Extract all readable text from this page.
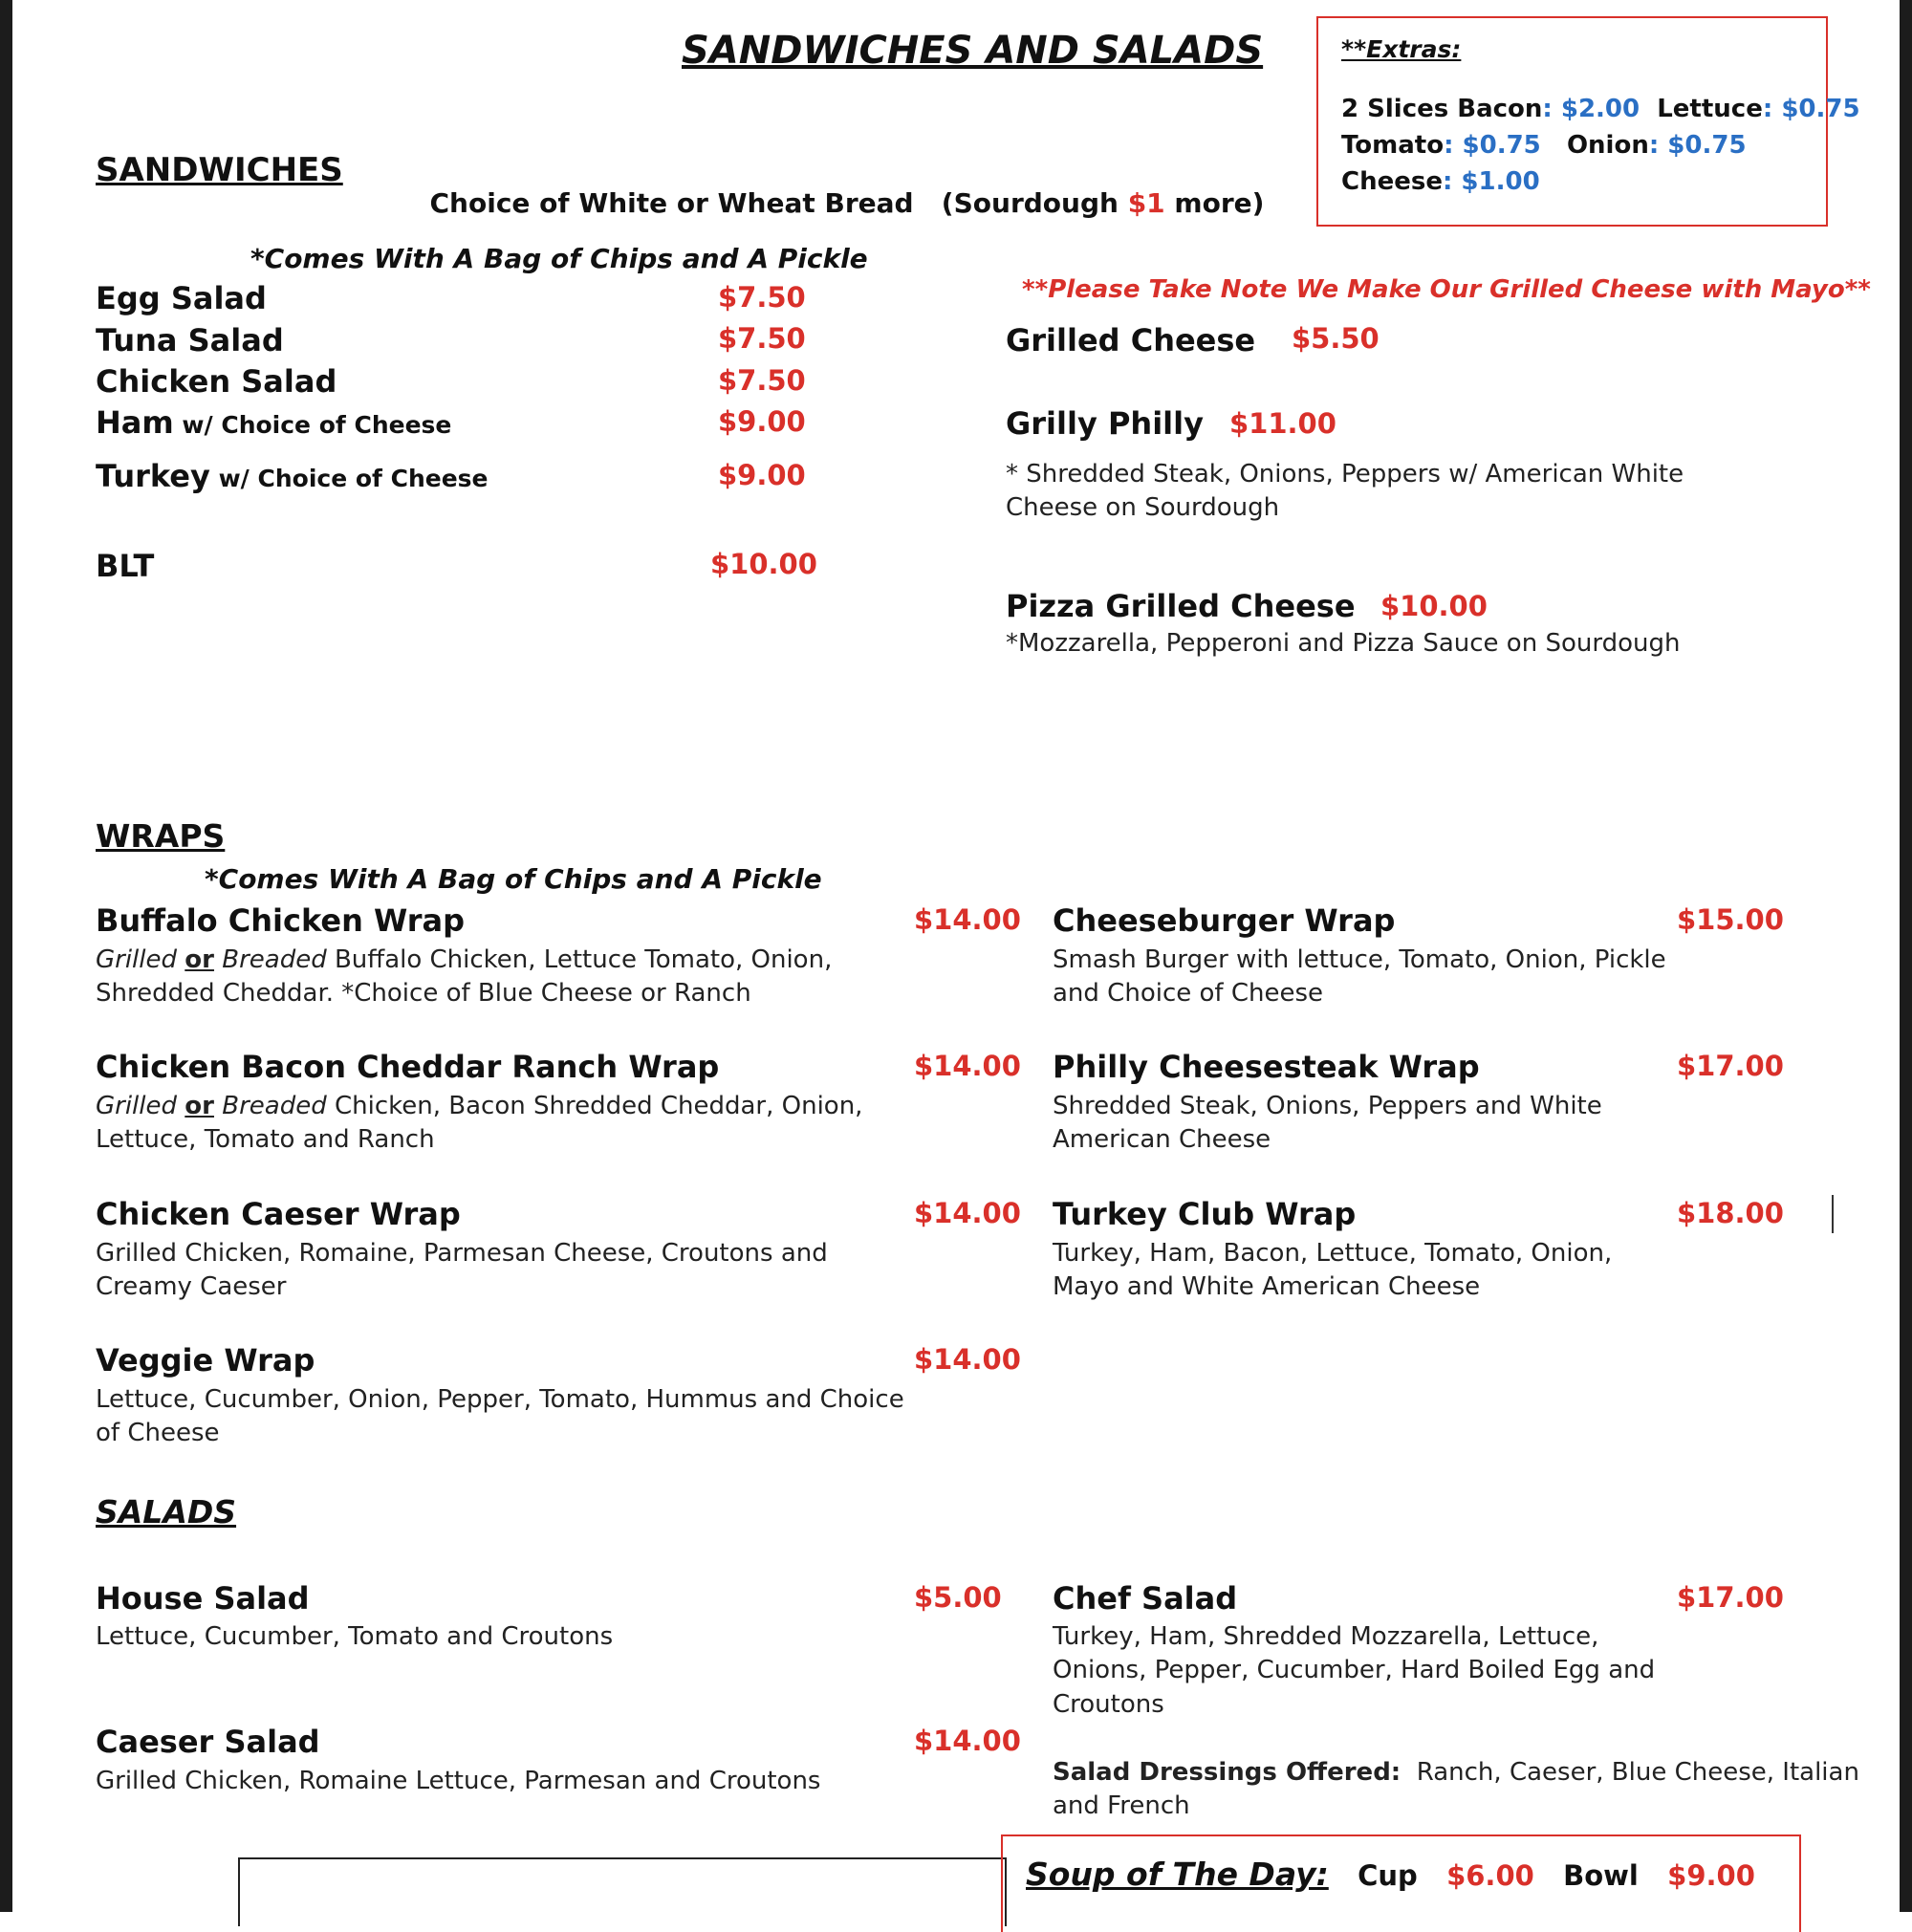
SANDWICHES AND SALADS	**Extras:
2 Slices Bacon: $2.00 Lettuce: $0.75
Tomato: $0.75 Onion: $0.75
Cheese: $1.00
SANDWICHES

Choice of White or Wheat Bread   (Sourdough $1 more)

*Comes With A Bag of Chips and A Pickle
Egg Salad	$7.50
Tuna Salad	$7.50
Chicken Salad	$7.50
Ham w/ Choice of Cheese	$9.00
Turkey w/ Choice of Cheese	$9.00
BLT	$10.00
**Please Take Note We Make Our Grilled Cheese with Mayo**
Grilled Cheese $5.50
Grilly Philly $11.00
* Shredded Steak, Onions, Peppers w/ American White
Cheese on Sourdough
Pizza Grilled Cheese $10.00
*Mozzarella, Pepperoni and Pizza Sauce on Sourdough
WRAPS
*Comes With A Bag of Chips and A Pickle
Buffalo Chicken Wrap	$14.00
Grilled or Breaded Buffalo Chicken, Lettuce Tomato, Onion,
Shredded Cheddar. *Choice of Blue Cheese or Ranch
Chicken Bacon Cheddar Ranch Wrap	$14.00
Grilled or Breaded Chicken, Bacon Shredded Cheddar, Onion,
Lettuce, Tomato and Ranch
Chicken Caeser Wrap	$14.00
Grilled Chicken, Romaine, Parmesan Cheese, Croutons and
Creamy Caeser
Veggie Wrap	$14.00
Lettuce, Cucumber, Onion, Pepper, Tomato, Hummus and Choice
of Cheese
Cheeseburger Wrap	$15.00
Smash Burger with lettuce, Tomato, Onion, Pickle
and Choice of Cheese
Philly Cheesesteak Wrap	$17.00
Shredded Steak, Onions, Peppers and White
American Cheese
Turkey Club Wrap	$18.00
Turkey, Ham, Bacon, Lettuce, Tomato, Onion,
Mayo and White American Cheese
SALADS
House Salad	$5.00
Lettuce, Cucumber, Tomato and Croutons
Caeser Salad	$14.00
Grilled Chicken, Romaine Lettuce, Parmesan and Croutons
Chef Salad	$17.00
Turkey, Ham, Shredded Mozzarella, Lettuce,
Onions, Pepper, Cucumber, Hard Boiled Egg and
Croutons
Salad Dressings Offered:  Ranch, Caeser, Blue Cheese, Italian
and French
Soup of The Day: Cup $6.00 Bowl $9.00
